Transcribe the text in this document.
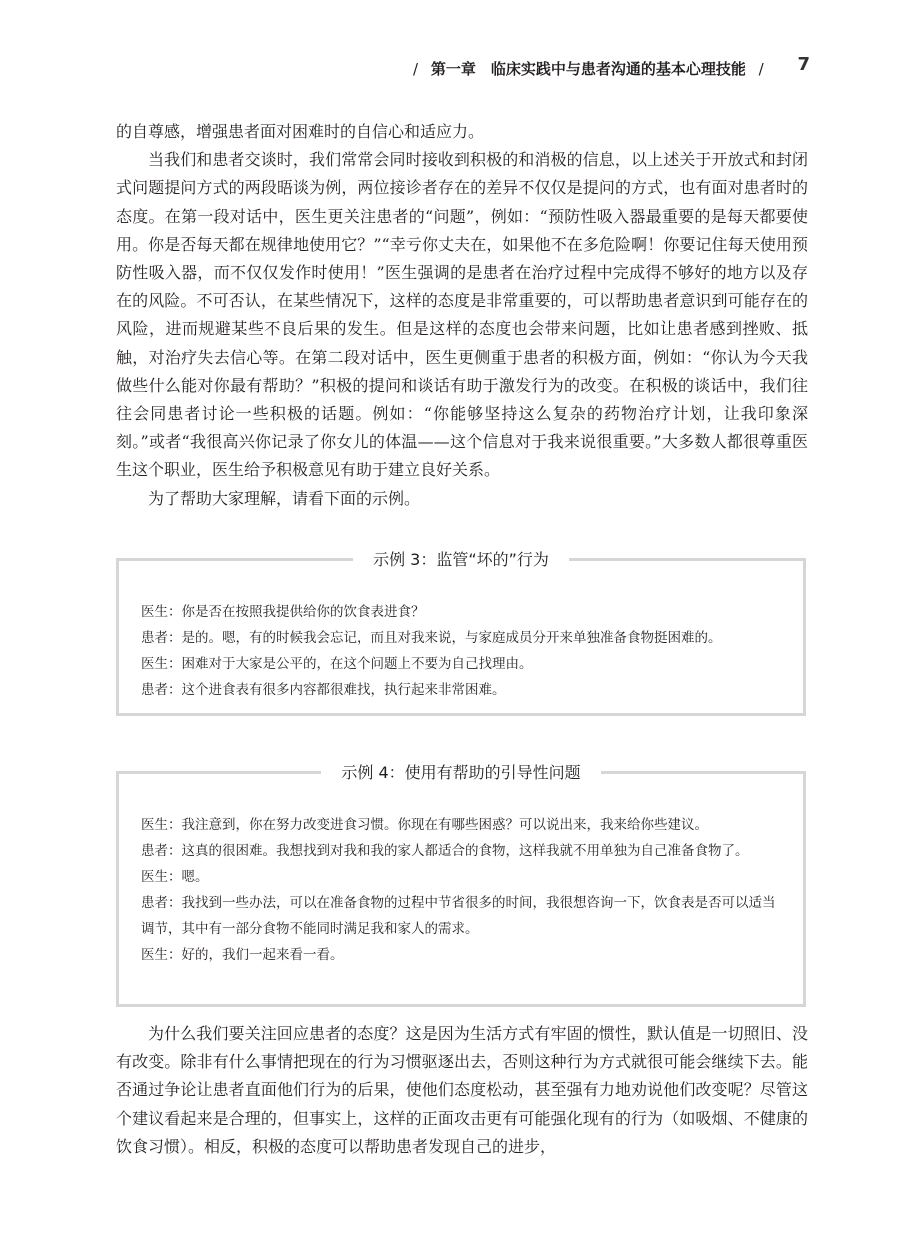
/ 第一章　临床实践中与患者沟通的基本心理技能 / 7

的自尊感，增强患者面对困难时的自信心和适应力。

当我们和患者交谈时，我们常常会同时接收到积极的和消极的信息，以上述关于开放式和封闭式问题提问方式的两段晤谈为例，两位接诊者存在的差异不仅仅是提问的方式，也有面对患者时的态度。在第一段对话中，医生更关注患者的“问题”，例如：“预防性吸入器最重要的是每天都要使用。你是否每天都在规律地使用它？”“幸亏你丈夫在，如果他不在多危险啊！你要记住每天使用预防性吸入器，而不仅仅发作时使用！”医生强调的是患者在治疗过程中完成得不够好的地方以及存在的风险。不可否认，在某些情况下，这样的态度是非常重要的，可以帮助患者意识到可能存在的风险，进而规避某些不良后果的发生。但是这样的态度也会带来问题，比如让患者感到挫败、抵触，对治疗失去信心等。在第二段对话中，医生更侧重于患者的积极方面，例如：“你认为今天我做些什么能对你最有帮助？”积极的提问和谈话有助于激发行为的改变。在积极的谈话中，我们往往会同患者讨论一些积极的话题。例如：“你能够坚持这么复杂的药物治疗计划，让我印象深刻。”或者“我很高兴你记录了你女儿的体温——这个信息对于我来说很重要。”大多数人都很尊重医生这个职业，医生给予积极意见有助于建立良好关系。

为了帮助大家理解，请看下面的示例。

示例 3：监管“坏的”行为

医生：你是否在按照我提供给你的饮食表进食？

患者：是的。嗯，有的时候我会忘记，而且对我来说，与家庭成员分开来单独准备食物挺困难的。

医生：困难对于大家是公平的，在这个问题上不要为自己找理由。

患者：这个进食表有很多内容都很难找，执行起来非常困难。

示例 4：使用有帮助的引导性问题

医生：我注意到，你在努力改变进食习惯。你现在有哪些困惑？可以说出来，我来给你些建议。

患者：这真的很困难。我想找到对我和我的家人都适合的食物，这样我就不用单独为自己准备食物了。

医生：嗯。

患者：我找到一些办法，可以在准备食物的过程中节省很多的时间，我很想咨询一下，饮食表是否可以适当调节，其中有一部分食物不能同时满足我和家人的需求。

医生：好的，我们一起来看一看。

为什么我们要关注回应患者的态度？这是因为生活方式有牢固的惯性，默认值是一切照旧、没有改变。除非有什么事情把现在的行为习惯驱逐出去，否则这种行为方式就很可能会继续下去。能否通过争论让患者直面他们行为的后果，使他们态度松动，甚至强有力地劝说他们改变呢？尽管这个建议看起来是合理的，但事实上，这样的正面攻击更有可能强化现有的行为（如吸烟、不健康的饮食习惯）。相反，积极的态度可以帮助患者发现自己的进步，
